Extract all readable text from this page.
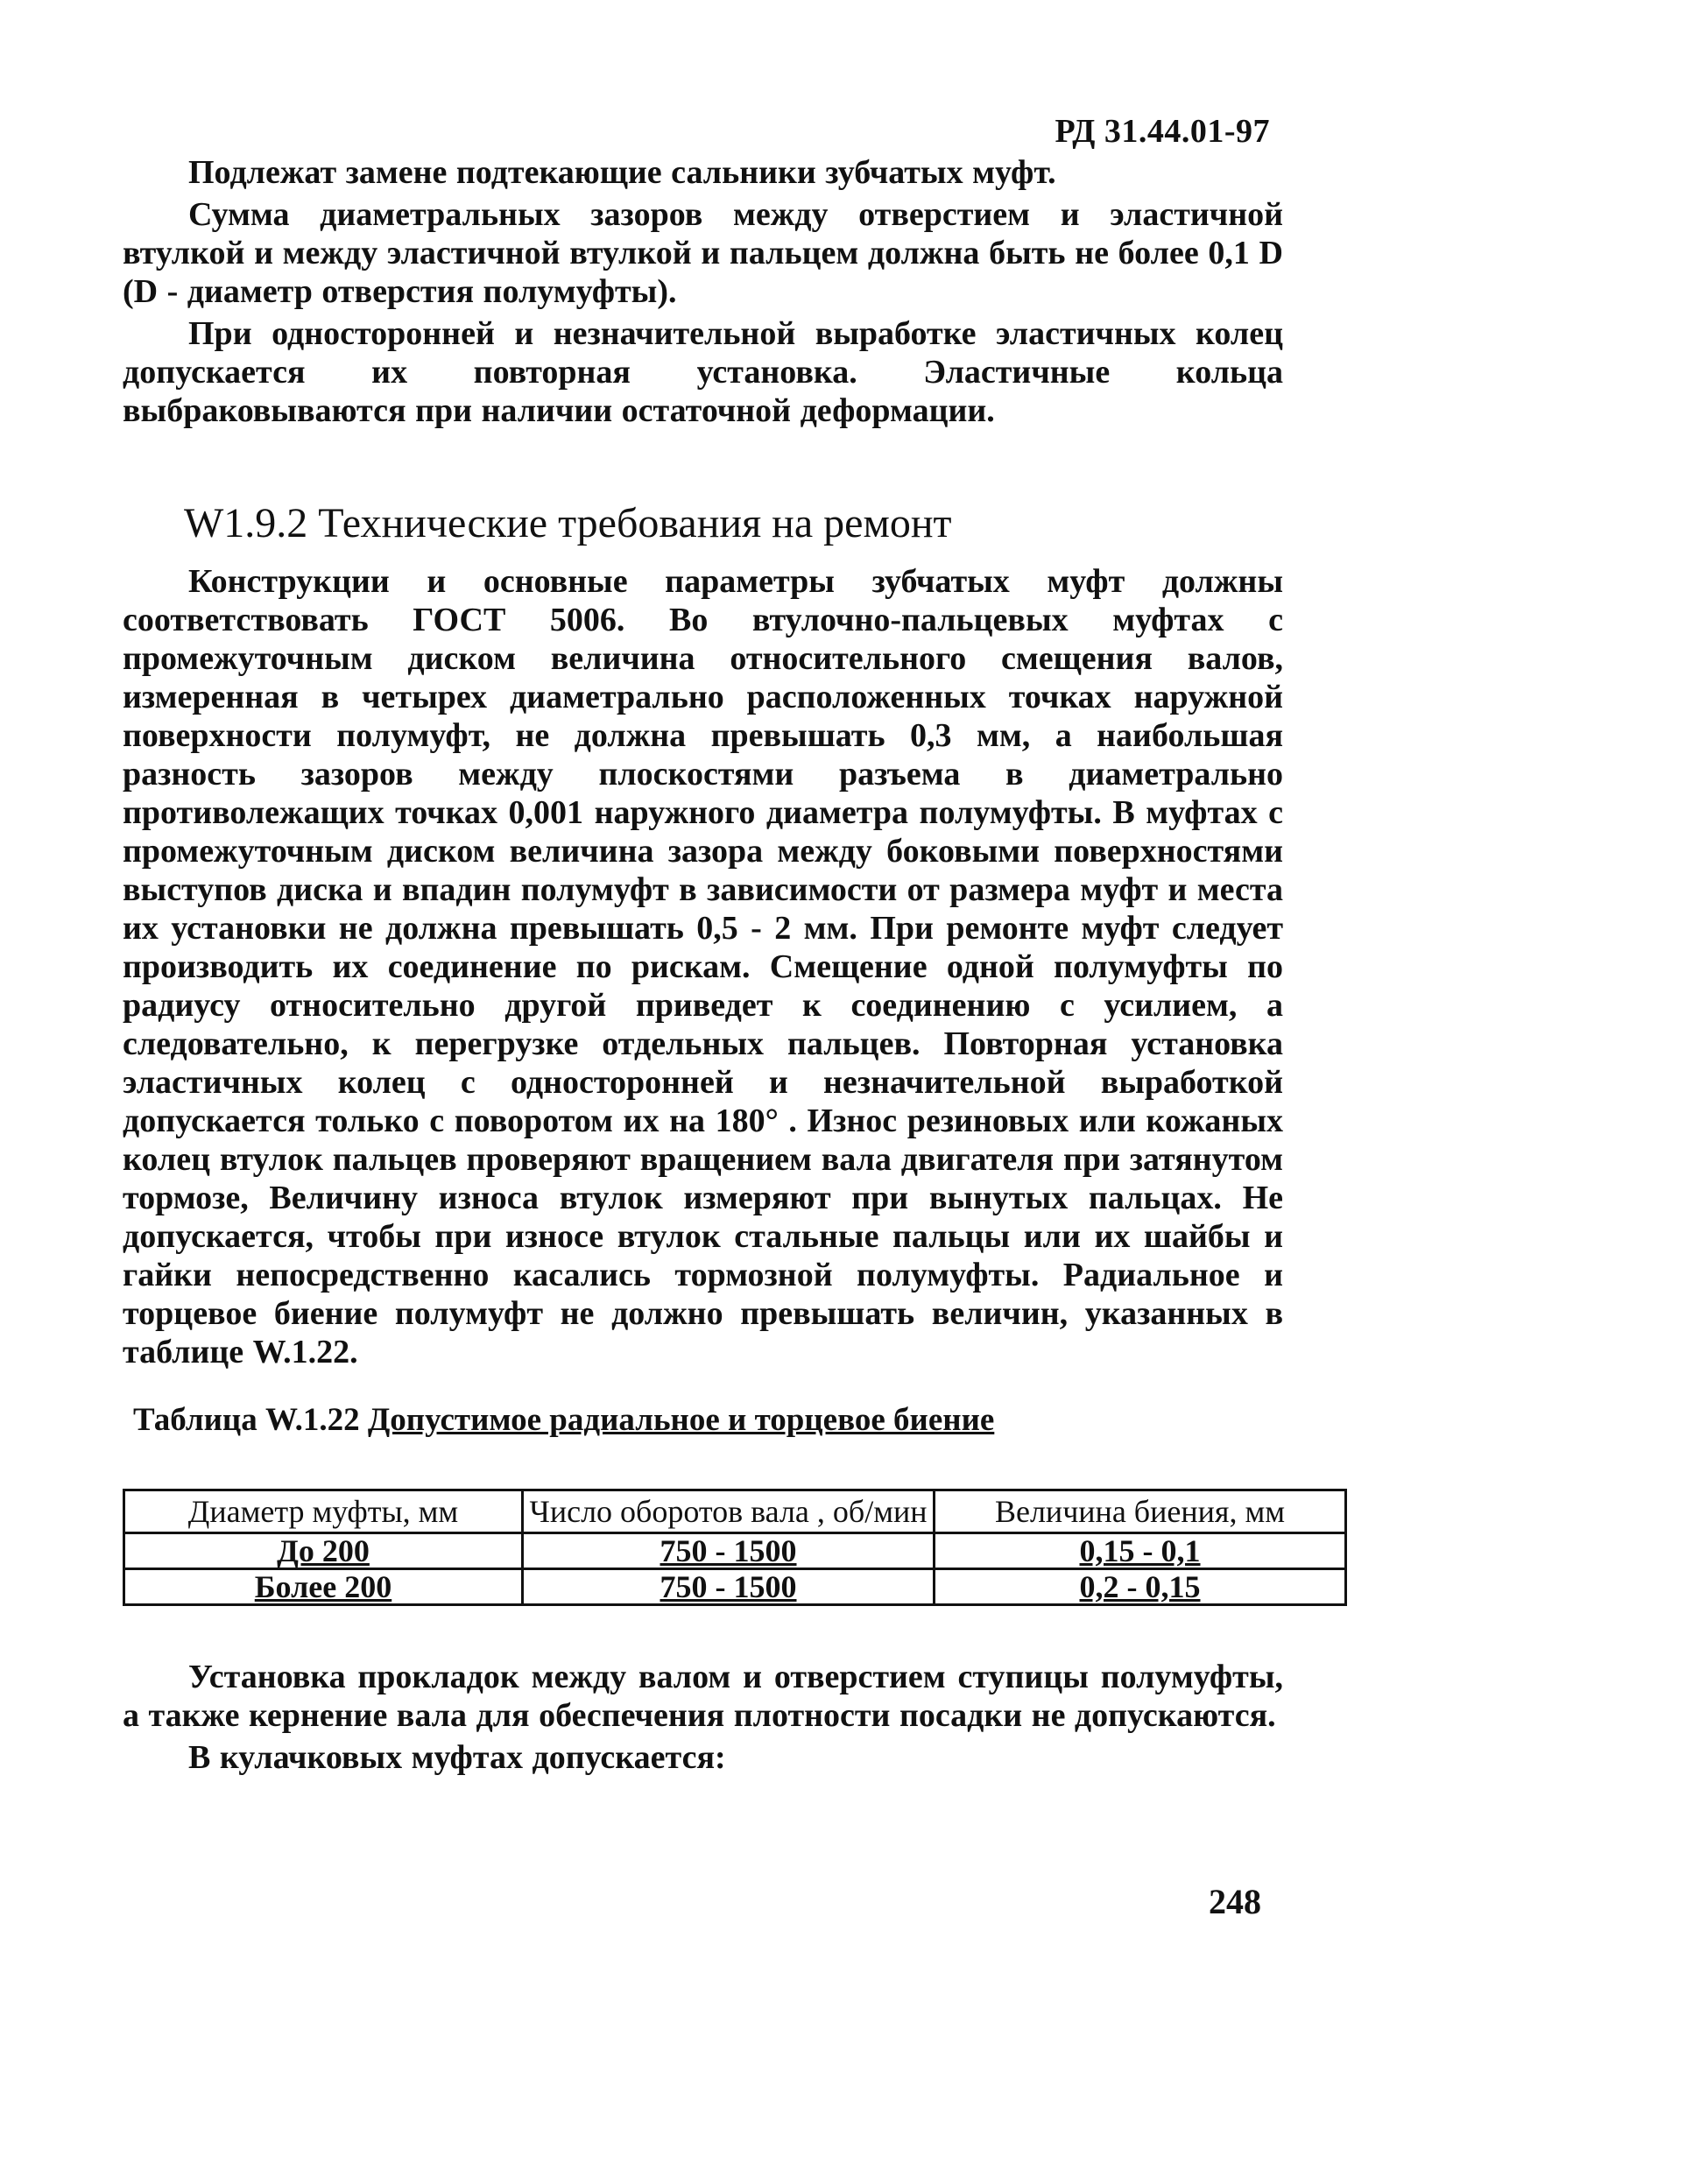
РД 31.44.01-97

Подлежат замене подтекающие сальники зубчатых муфт.

Сумма диаметральных зазоров между отверстием и эластичной втулкой и между эластичной втулкой и пальцем должна быть не более 0,1 D (D - диаметр отверстия полумуфты).

При односторонней и незначительной выработке эластичных колец допускается их повторная установка. Эластичные кольца выбраковываются при наличии остаточной деформации.

W1.9.2 Технические требования на ремонт

Конструкции и основные параметры зубчатых муфт должны соответствовать ГОСТ 5006. Во втулочно-пальцевых муфтах с промежуточным диском величина относительного смещения валов, измеренная в четырех диаметрально расположенных точках наружной поверхности полумуфт, не должна превышать 0,3 мм, а наибольшая разность зазоров между плоскостями разъема в диаметрально противолежащих точках 0,001 наружного диаметра полумуфты. В муфтах с промежуточным диском величина зазора между боковыми поверхностями выступов диска и впадин полумуфт в зависимости от размера муфт и места их установки не должна превышать 0,5 - 2 мм. При ремонте муфт следует производить их соединение по рискам. Смещение одной полумуфты по радиусу относительно другой приведет к соединению с усилием, а следовательно, к перегрузке отдельных пальцев. Повторная установка эластичных колец с односторонней и незначительной выработкой допускается только с поворотом их на 180° . Износ резиновых или кожаных колец втулок пальцев проверяют вращением вала двигателя при затянутом тормозе, Величину износа втулок измеряют при вынутых пальцах. Не допускается, чтобы при износе втулок стальные пальцы или их шайбы и гайки непосредственно касались тормозной полумуфты. Радиальное и торцевое биение полумуфт не должно превышать величин, указанных в таблице W.1.22.

Таблица W.1.22 Допустимое радиальное и торцевое биение
Диаметр муфты, мм	Число оборотов вала , об/мин	Величина биения, мм
До 200	750 - 1500	0,15 - 0,1
Более 200	750 - 1500	0,2 - 0,15

Установка прокладок между валом и отверстием ступицы полумуфты, а также кернение вала для обеспечения плотности посадки не допускаются.

В кулачковых муфтах допускается:

248
